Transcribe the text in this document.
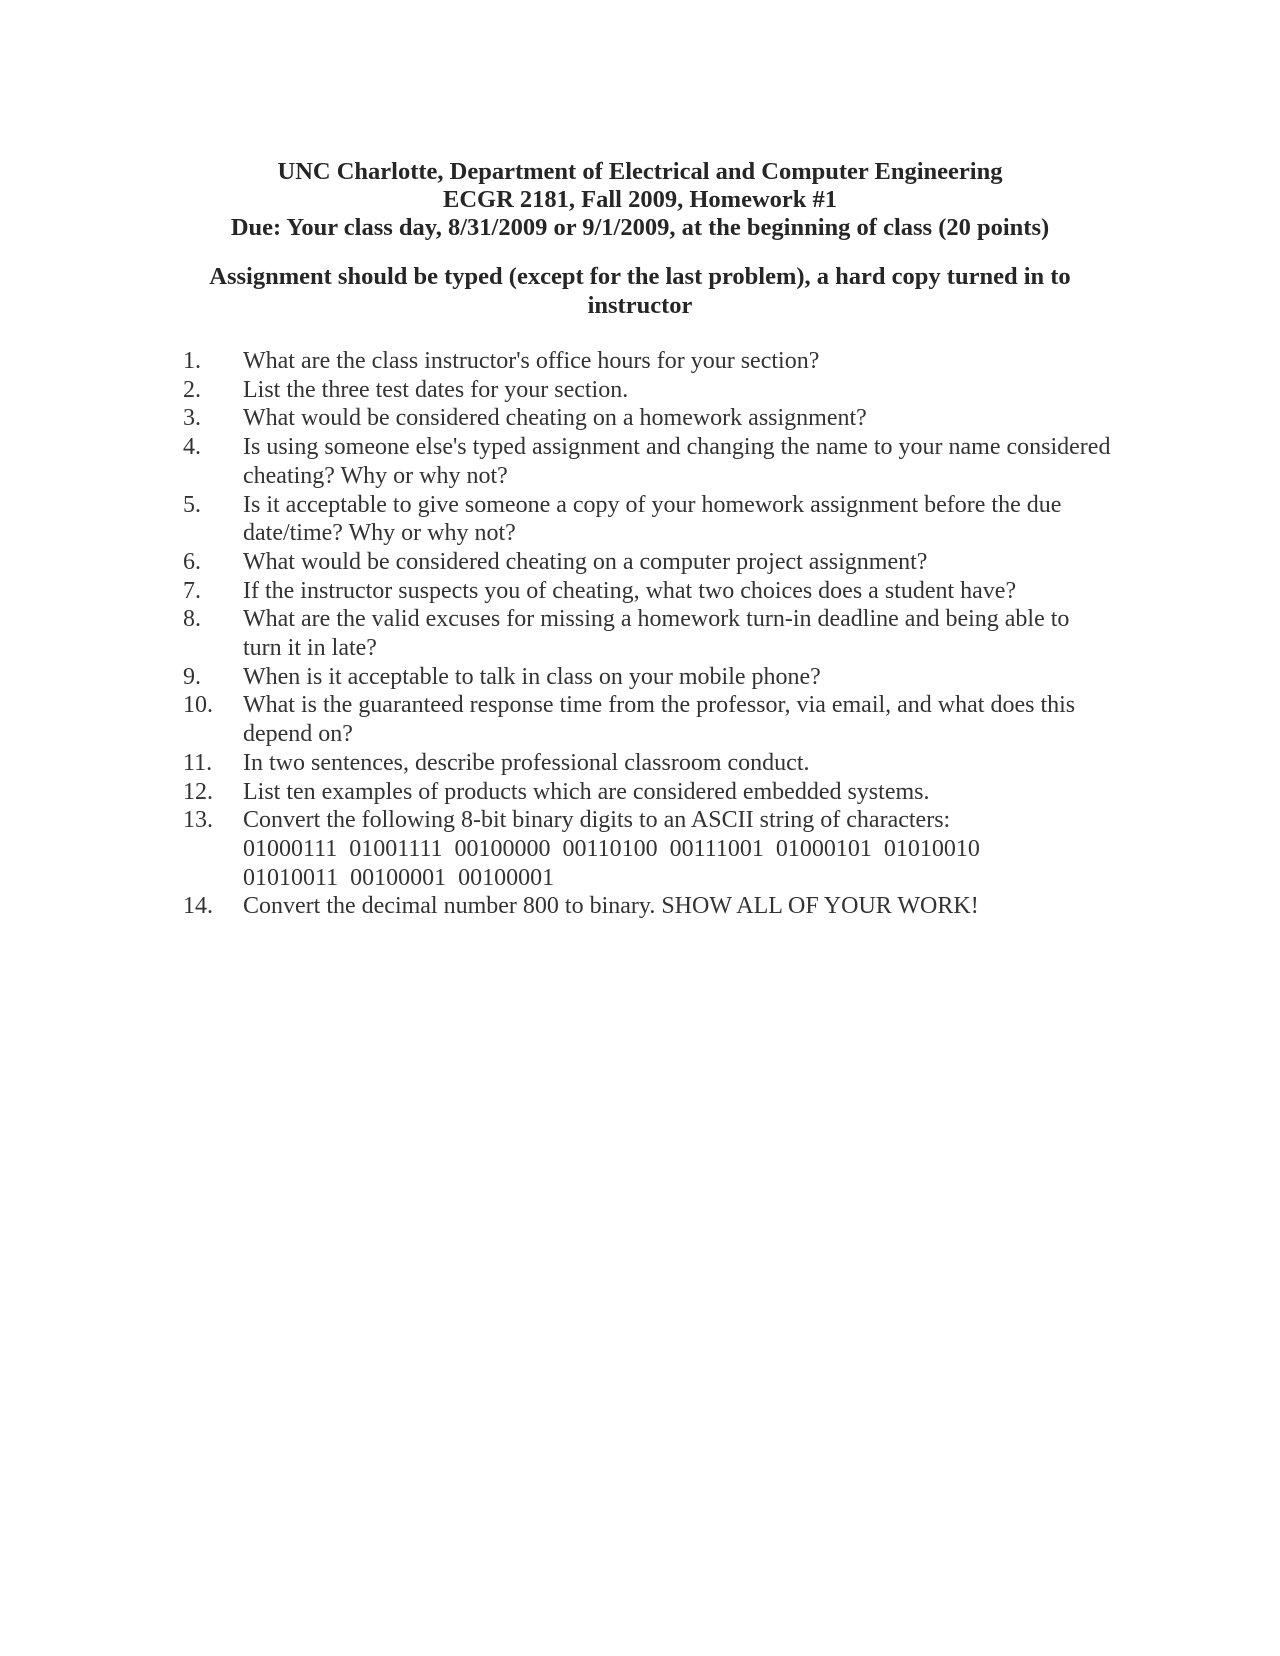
UNC Charlotte, Department of Electrical and Computer Engineering
ECGR 2181, Fall 2009, Homework #1
Due: Your class day, 8/31/2009 or 9/1/2009, at the beginning of class (20 points)
Assignment should be typed (except for the last problem), a hard copy turned in to instructor
1.	What are the class instructor's office hours for your section?
2.	List the three test dates for your section.
3.	What would be considered cheating on a homework assignment?
4.	Is using someone else's typed assignment and changing the name to your name considered cheating? Why or why not?
5.	Is it acceptable to give someone a copy of your homework assignment before the due date/time? Why or why not?
6.	What would be considered cheating on a computer project assignment?
7.	If the instructor suspects you of cheating, what two choices does a student have?
8.	What are the valid excuses for missing a homework turn-in deadline and being able to turn it in late?
9.	When is it acceptable to talk in class on your mobile phone?
10.	What is the guaranteed response time from the professor, via email, and what does this depend on?
11.	In two sentences, describe professional classroom conduct.
12.	List ten examples of products which are considered embedded systems.
13.	Convert the following 8-bit binary digits to an ASCII string of characters:
01000111  01001111  00100000  00110100  00111001  01000101  01010010
01010011  00100001  00100001
14.	Convert the decimal number 800 to binary. SHOW ALL OF YOUR WORK!
